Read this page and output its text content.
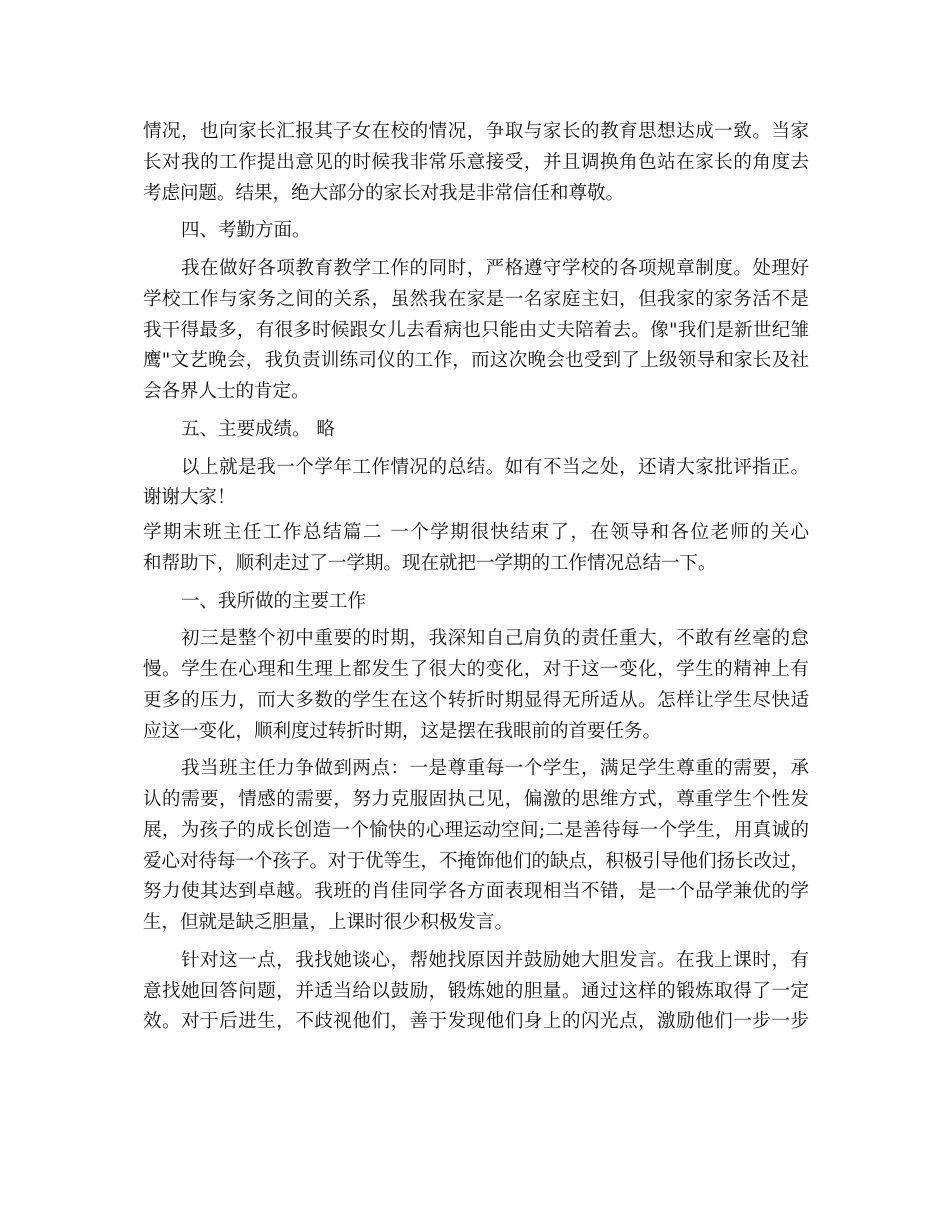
情况，也向家长汇报其子女在校的情况，争取与家长的教育思想达成一致。当家

长对我的工作提出意见的时候我非常乐意接受，并且调换角色站在家长的角度去

考虑问题。结果，绝大部分的家长对我是非常信任和尊敬。

四、考勤方面。

我在做好各项教育教学工作的同时，严格遵守学校的各项规章制度。处理好

学校工作与家务之间的关系，虽然我在家是一名家庭主妇，但我家的家务活不是

我干得最多，有很多时候跟女儿去看病也只能由丈夫陪着去。像"我们是新世纪雏

鹰"文艺晚会，我负责训练司仪的工作，而这次晚会也受到了上级领导和家长及社

会各界人士的肯定。

五、主要成绩。 略

以上就是我一个学年工作情况的总结。如有不当之处，还请大家批评指正。

谢谢大家！

学期末班主任工作总结篇二 一个学期很快结束了，在领导和各位老师的关心

和帮助下，顺利走过了一学期。现在就把一学期的工作情况总结一下。

一、我所做的主要工作

初三是整个初中重要的时期，我深知自己肩负的责任重大，不敢有丝毫的怠

慢。学生在心理和生理上都发生了很大的变化，对于这一变化，学生的精神上有

更多的压力，而大多数的学生在这个转折时期显得无所适从。怎样让学生尽快适

应这一变化，顺利度过转折时期，这是摆在我眼前的首要任务。

我当班主任力争做到两点：一是尊重每一个学生，满足学生尊重的需要，承

认的需要，情感的需要，努力克服固执己见，偏激的思维方式，尊重学生个性发

展，为孩子的成长创造一个愉快的心理运动空间;二是善待每一个学生，用真诚的

爱心对待每一个孩子。对于优等生，不掩饰他们的缺点，积极引导他们扬长改过，

努力使其达到卓越。我班的肖佳同学各方面表现相当不错，是一个品学兼优的学

生，但就是缺乏胆量，上课时很少积极发言。

针对这一点，我找她谈心，帮她找原因并鼓励她大胆发言。在我上课时，有

意找她回答问题，并适当给以鼓励，锻炼她的胆量。通过这样的锻炼取得了一定

效。对于后进生，不歧视他们，善于发现他们身上的闪光点，激励他们一步一步
